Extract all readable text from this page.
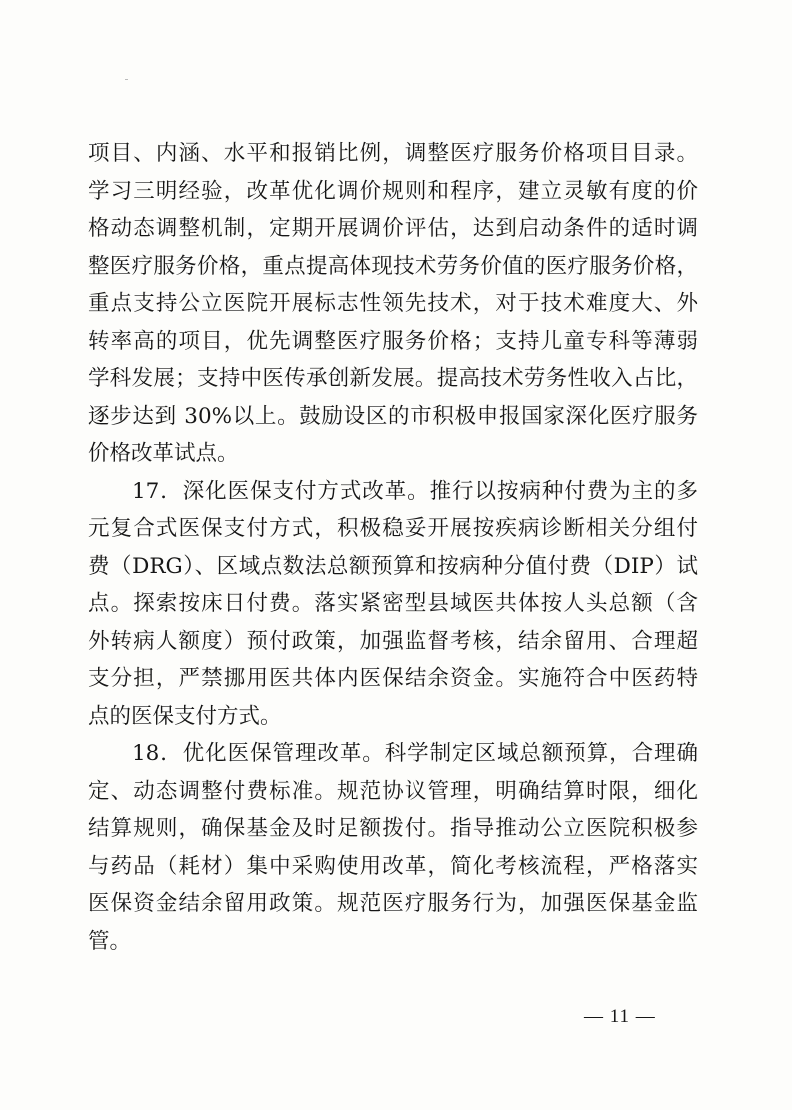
项目、内涵、水平和报销比例，调整医疗服务价格项目目录。
学习三明经验，改革优化调价规则和程序，建立灵敏有度的价
格动态调整机制，定期开展调价评估，达到启动条件的适时调
整医疗服务价格，重点提高体现技术劳务价值的医疗服务价格，
重点支持公立医院开展标志性领先技术，对于技术难度大、外
转率高的项目，优先调整医疗服务价格；支持儿童专科等薄弱
学科发展；支持中医传承创新发展。提高技术劳务性收入占比，
逐步达到 30%以上。鼓励设区的市积极申报国家深化医疗服务
价格改革试点。
17．深化医保支付方式改革。推行以按病种付费为主的多
元复合式医保支付方式，积极稳妥开展按疾病诊断相关分组付
费（DRG）、区域点数法总额预算和按病种分值付费（DIP）试
点。探索按床日付费。落实紧密型县域医共体按人头总额（含
外转病人额度）预付政策，加强监督考核，结余留用、合理超
支分担，严禁挪用医共体内医保结余资金。实施符合中医药特
点的医保支付方式。
18．优化医保管理改革。科学制定区域总额预算，合理确
定、动态调整付费标准。规范协议管理，明确结算时限，细化
结算规则，确保基金及时足额拨付。指导推动公立医院积极参
与药品（耗材）集中采购使用改革，简化考核流程，严格落实
医保资金结余留用政策。规范医疗服务行为，加强医保基金监
管。
— 11 —
